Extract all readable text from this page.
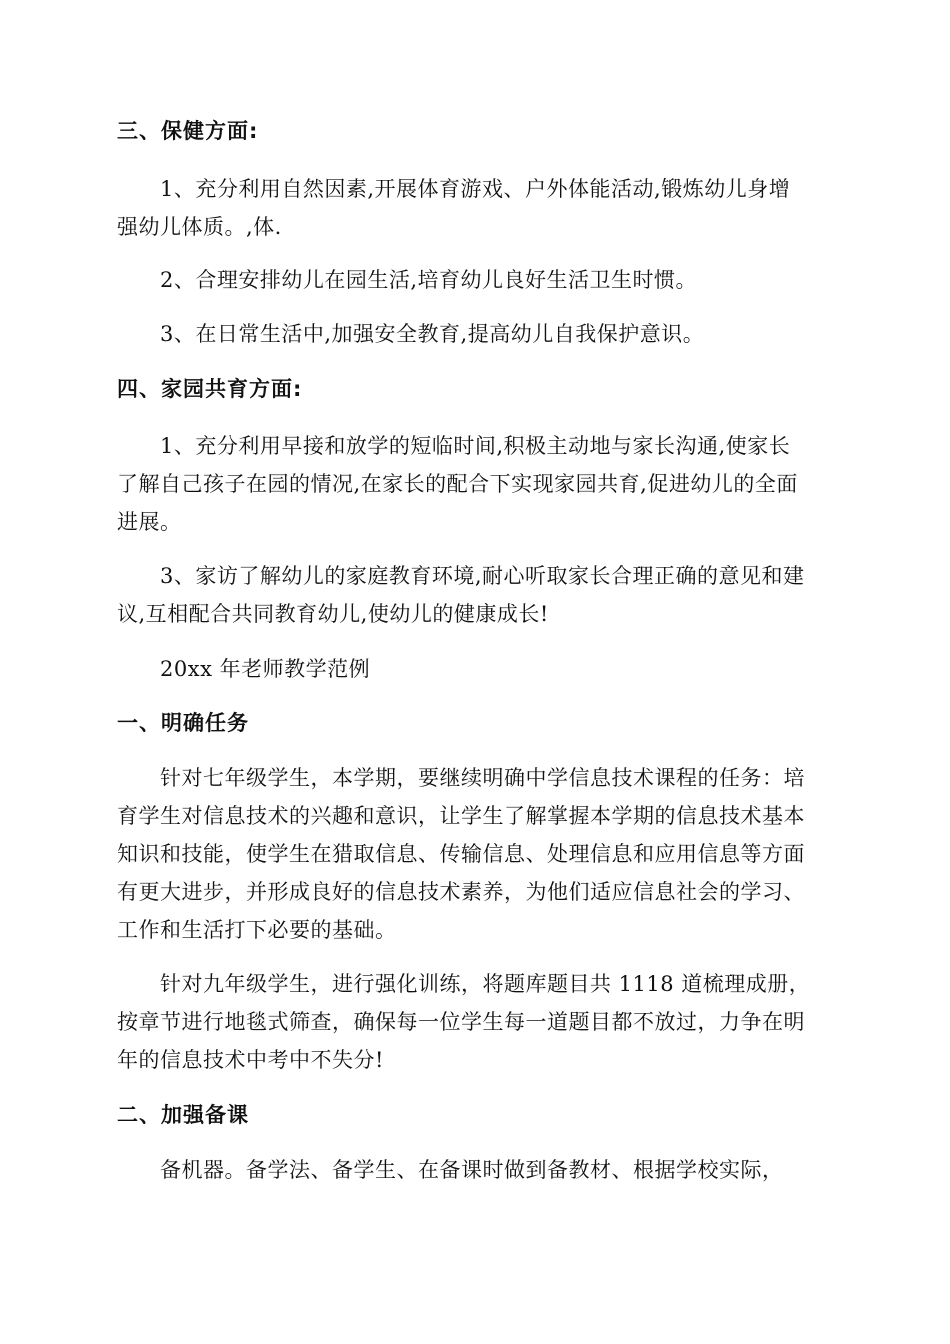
三、保健方面:
1、充分利用自然因素,开展体育游戏、户外体能活动,锻炼幼儿身增
强幼儿体质。,体.
2、合理安排幼儿在园生活,培育幼儿良好生活卫生时惯。
3、在日常生活中,加强安全教育,提高幼儿自我保护意识。
四、家园共育方面:
1、充分利用早接和放学的短临时间,积极主动地与家长沟通,使家长
了解自己孩子在园的情况,在家长的配合下实现家园共育,促进幼儿的全面
进展。
3、家访了解幼儿的家庭教育环境,耐心听取家长合理正确的意见和建
议,互相配合共同教育幼儿,使幼儿的健康成长!
20xx 年老师教学范例
一、明确任务
针对七年级学生，本学期，要继续明确中学信息技术课程的任务：培
育学生对信息技术的兴趣和意识，让学生了解掌握本学期的信息技术基本
知识和技能，使学生在猎取信息、传输信息、处理信息和应用信息等方面
有更大进步，并形成良好的信息技术素养，为他们适应信息社会的学习、
工作和生活打下必要的基础。
针对九年级学生，进行强化训练，将题库题目共 1118 道梳理成册，
按章节进行地毯式筛查，确保每一位学生每一道题目都不放过，力争在明
年的信息技术中考中不失分!
二、加强备课
备机器。备学法、备学生、在备课时做到备教材、根据学校实际，
